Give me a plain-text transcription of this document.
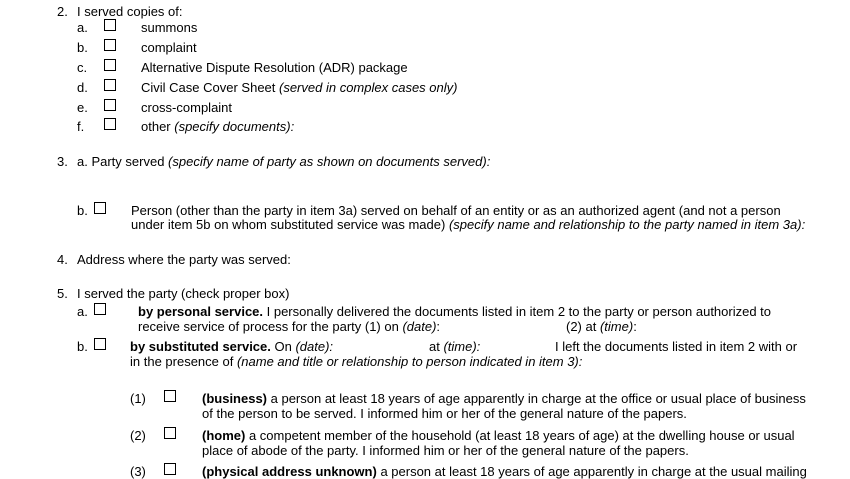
2. I served copies of:
a.	summons
b.	complaint
c.	Alternative Dispute Resolution (ADR) package
d.	Civil Case Cover Sheet (served in complex cases only)
e.	cross-complaint
f.	other (specify documents):
3. a. Party served (specify name of party as shown on documents served):
b.	Person (other than the party in item 3a) served on behalf of an entity or as an authorized agent (and not a person
under item 5b on whom substituted service was made) (specify name and relationship to the party named in item 3a):
4. Address where the party was served:
5. I served the party (check proper box)
a.	by personal service. I personally delivered the documents listed in item 2 to the party or person authorized to
receive service of process for the party (1) on (date):	(2) at (time):
b.	by substituted service. On (date):	at (time):	I left the documents listed in item 2 with or
in the presence of (name and title or relationship to person indicated in item 3):
(1)	(business) a person at least 18 years of age apparently in charge at the office or usual place of business
of the person to be served. I informed him or her of the general nature of the papers.
(2)	(home) a competent member of the household (at least 18 years of age) at the dwelling house or usual
place of abode of the party. I informed him or her of the general nature of the papers.
(3)	(physical address unknown) a person at least 18 years of age apparently in charge at the usual mailing
